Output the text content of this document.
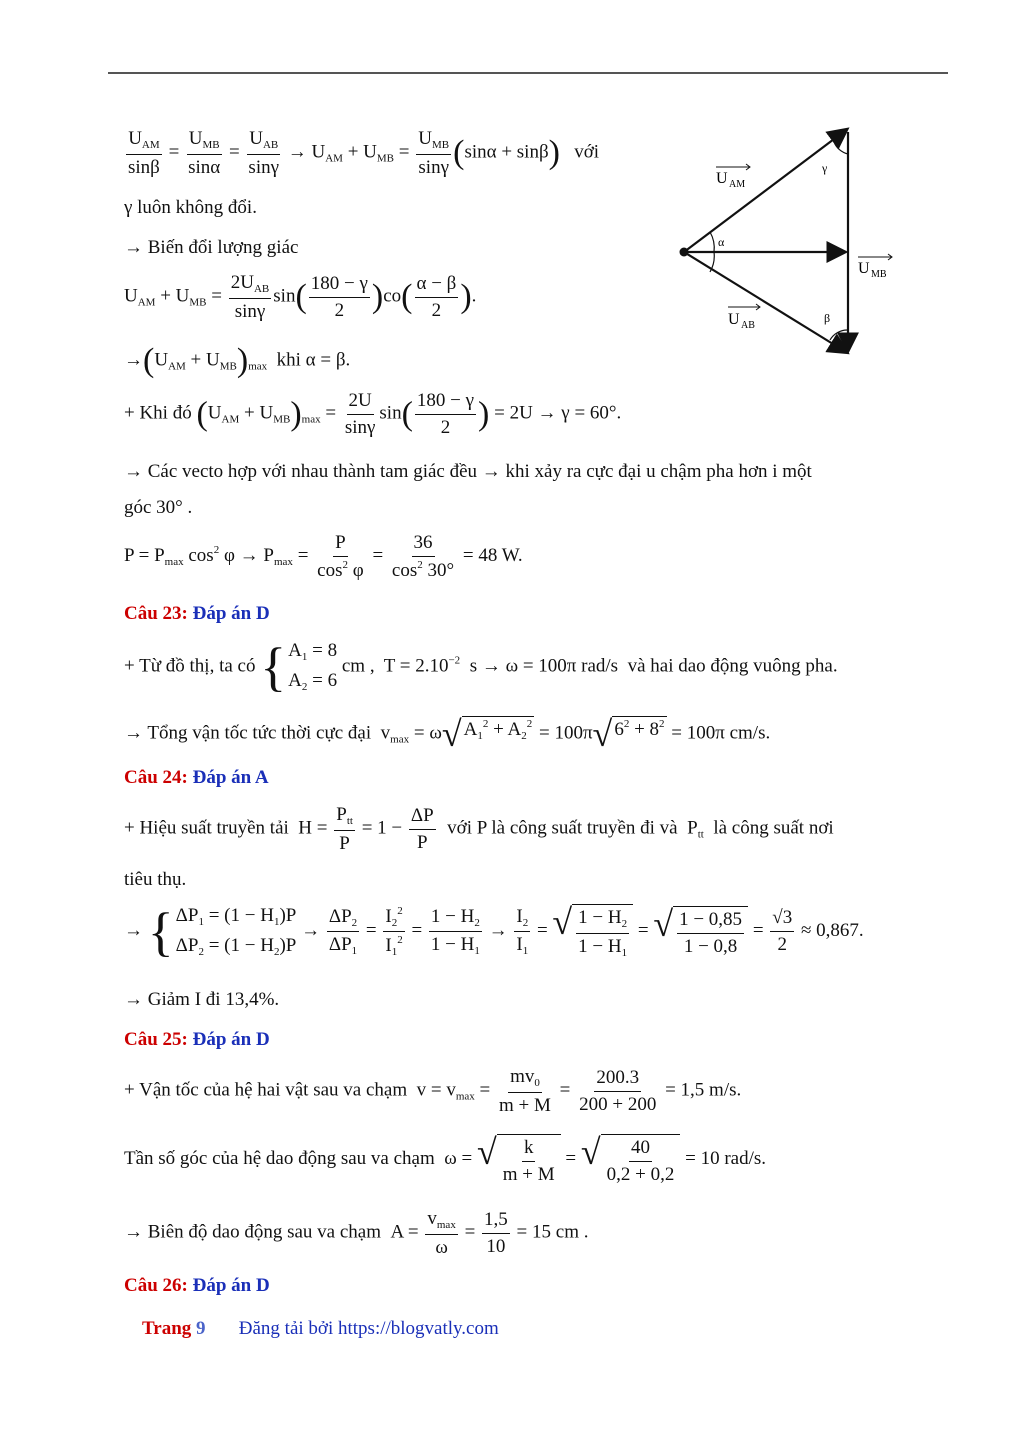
$\frac{U_{AM}}{\sin\beta} = \frac{U_{MB}}{\sin\alpha} = \frac{U_{AB}}{\sin\gamma} \to U_{AM} + U_{MB} = \frac{U_{MB}}{\sin\gamma} (\sin\alpha + \sin\beta)$ với
γ luôn không đổi.
→ Biến đổi lượng giác
$U_{AM} + U_{MB} = \frac{2U_{AB}}{\sin\gamma} \sin( \frac{180 - \gamma}{2} )co( \frac{\alpha - \beta}{2}$ ).
$\to(U_{AM} + U_{MB})_{max}$ khi α = β.
+ Khi đó $(U_{AM} + U_{MB})_{max} = \frac{2U}{\sin\gamma} \sin( \frac{180 - \gamma}{2}$ ) = 2U → γ = 60°.
→ Các vecto hợp với nhau thành tam giác đều → khi xảy ra cực đại u chậm pha hơn i một
góc 30° .
$P = P_{max}$ $\cos^2 \varphi \to P_{max} = \frac{P}{\cos^2 \varphi} = \frac{36}{\cos^2 30^\circ} = 48$ W.
Câu 23: Đáp án D
+ Từ đồ thị, ta có { $A_1 = 8$
$A_2 = 6$
cm ,  $T = 2.10^{-2}$  s → ω = 100π rad/s  và hai dao động vuông pha.
→ Tổng vận tốc tức thời cực đại  $v_{max} = \omega$ √ $A_1^2 + A_2^2 = 100\pi$ √ $6^2 + 8^2 = 100\pi$ cm/s.
Câu 24: Đáp án A
+ Hiệu suất truyền tải  $H = \frac{P_{tt}}{P} = 1 - \frac{\Delta P}{P}$ với P là công suất truyền đi và  $P_{tt}$ là công suất nơi
tiêu thụ.
→ { $\Delta P_1 = (1 - H_1)P$
$\Delta P_2 = (1 - H_2)P$
→ $\frac{\Delta P_2}{\Delta P_1} = \frac{I_2^2}{I_1^2} = \frac{1 - H_2}{1 - H_1} \to \frac{I_2}{I_1}$ = √ $\frac{1 - H_2}{1 - H_1}$ = √ $\frac{1 - 0,85}{1 - 0,8} = \frac{√3}{2} \approx 0,867$.
→ Giảm I đi 13,4%.
Câu 25: Đáp án D
+ Vận tốc của hệ hai vật sau va chạm  $v = v_{max} = \frac{mv_0}{m + M} = \frac{200.3}{200 + 200} = 1,5$ m/s.
Tần số góc của hệ dao động sau va chạm  ω = √ $\frac{k}{m + M}$ = √ $\frac{40}{0,2 + 0,2} = 10$ rad/s.
→ Biên độ dao động sau va chạm  $A = \frac{v_{max}}{\omega} = \frac{1,5}{10} = 15$ cm .
Câu 26: Đáp án D
Trang 9 Đăng tải bởi https://blogvatly.com
U AM
U MB
U AB
α
β
γ
